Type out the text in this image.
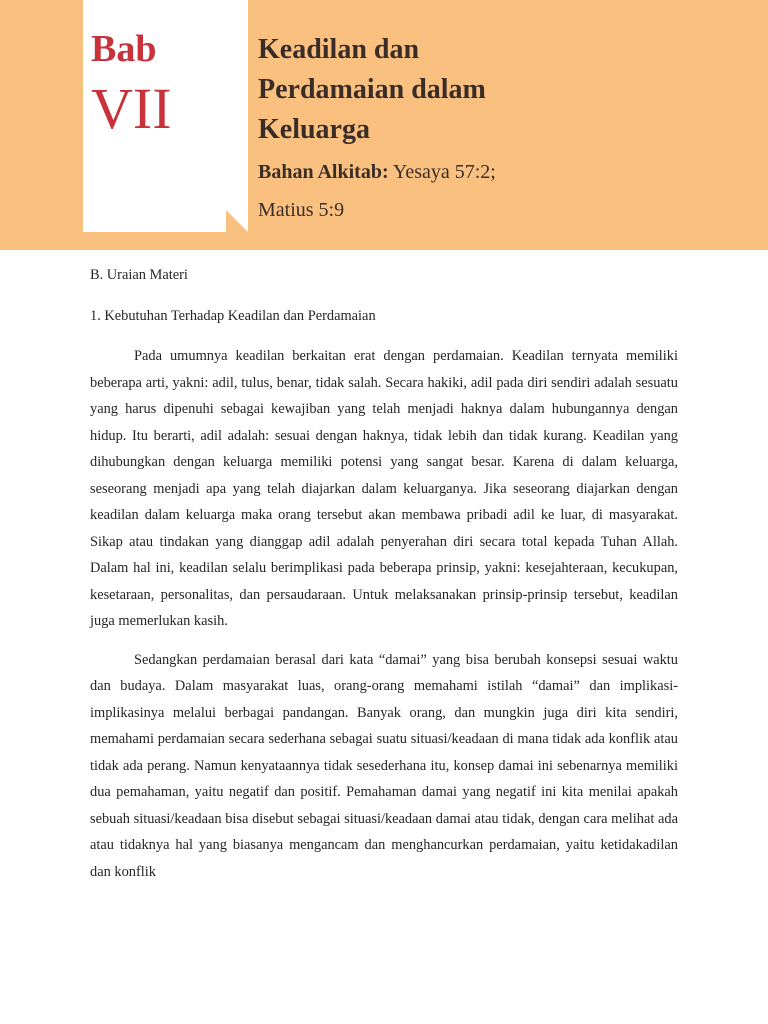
Bab
VII
Keadilan dan
Perdamaian dalam
Keluarga

Bahan Alkitab: Yesaya 57:2;
Matius 5:9

B. Uraian Materi

1. Kebutuhan Terhadap Keadilan dan Perdamaian

Pada umumnya keadilan berkaitan erat dengan perdamaian. Keadilan ternyata memiliki beberapa arti, yakni: adil, tulus, benar, tidak salah. Secara hakiki, adil pada diri sendiri adalah sesuatu yang harus dipenuhi sebagai kewajiban yang telah menjadi haknya dalam hubungannya dengan hidup. Itu berarti, adil adalah: sesuai dengan haknya, tidak lebih dan tidak kurang. Keadilan yang dihubungkan dengan keluarga memiliki potensi yang sangat besar. Karena di dalam keluarga, seseorang menjadi apa yang telah diajarkan dalam keluarganya. Jika seseorang diajarkan dengan keadilan dalam keluarga maka orang tersebut akan membawa pribadi adil ke luar, di masyarakat. Sikap atau tindakan yang dianggap adil adalah penyerahan diri secara total kepada Tuhan Allah. Dalam hal ini, keadilan selalu berimplikasi pada beberapa prinsip, yakni: kesejahteraan, kecukupan, kesetaraan, personalitas, dan persaudaraan. Untuk melaksanakan prinsip-prinsip tersebut, keadilan juga memerlukan kasih.

Sedangkan perdamaian berasal dari kata “damai” yang bisa berubah konsepsi sesuai waktu dan budaya. Dalam masyarakat luas, orang-orang memahami istilah “damai” dan implikasi-implikasinya melalui berbagai pandangan. Banyak orang, dan mungkin juga diri kita sendiri, memahami perdamaian secara sederhana sebagai suatu situasi/keadaan di mana tidak ada konflik atau tidak ada perang. Namun kenyataannya tidak sesederhana itu, konsep damai ini sebenarnya memiliki dua pemahaman, yaitu negatif dan positif. Pemahaman damai yang negatif ini kita menilai apakah sebuah situasi/keadaan bisa disebut sebagai situasi/keadaan damai atau tidak, dengan cara melihat ada atau tidaknya hal yang biasanya mengancam dan menghancurkan perdamaian, yaitu ketidakadilan dan konflik
